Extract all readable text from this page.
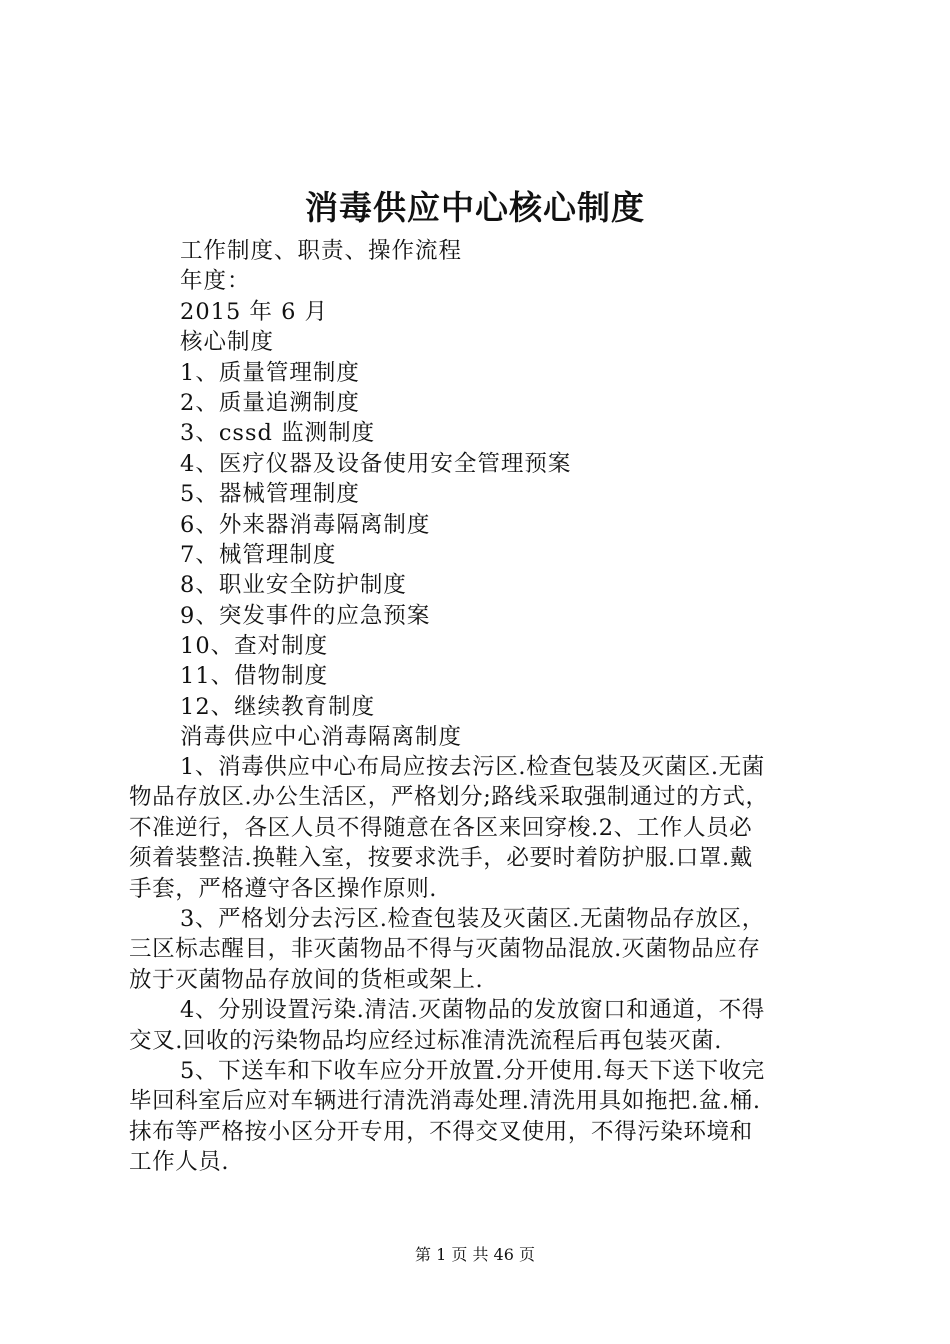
消毒供应中心核心制度
工作制度、职责、操作流程
年度：
2015 年 6 月
核心制度
1、质量管理制度
2、质量追溯制度
3、cssd 监测制度
4、医疗仪器及设备使用安全管理预案
5、器械管理制度
6、外来器消毒隔离制度
7、械管理制度
8、职业安全防护制度
9、突发事件的应急预案
10、查对制度
11、借物制度
12、继续教育制度
消毒供应中心消毒隔离制度

1、消毒供应中心布局应按去污区.检查包装及灭菌区.无菌
物品存放区.办公生活区，严格划分;路线采取强制通过的方式，
不准逆行，各区人员不得随意在各区来回穿梭.2、工作人员必
须着装整洁.换鞋入室，按要求洗手，必要时着防护服.口罩.戴
手套，严格遵守各区操作原则.

3、严格划分去污区.检查包装及灭菌区.无菌物品存放区，
三区标志醒目，非灭菌物品不得与灭菌物品混放.灭菌物品应存
放于灭菌物品存放间的货柜或架上.

4、分别设置污染.清洁.灭菌物品的发放窗口和通道，不得
交叉.回收的污染物品均应经过标准清洗流程后再包装灭菌.

5、下送车和下收车应分开放置.分开使用.每天下送下收完
毕回科室后应对车辆进行清洗消毒处理.清洗用具如拖把.盆.桶.
抹布等严格按小区分开专用，不得交叉使用，不得污染环境和
工作人员.

第 1 页 共 46 页
